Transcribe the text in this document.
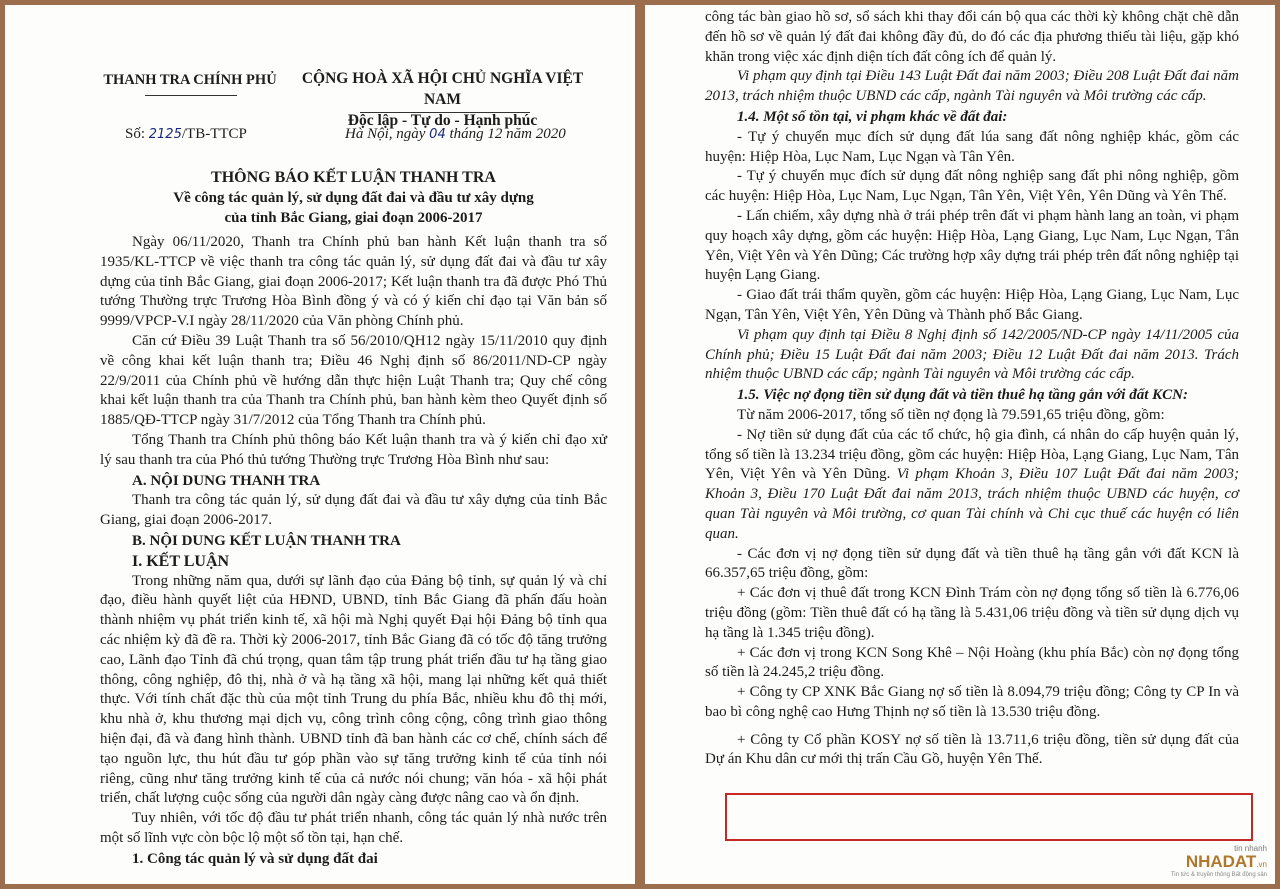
THANH TRA CHÍNH PHỦ CỘNG HOÀ XÃ HỘI CHỦ NGHĨA VIỆT NAM
Độc lập - Tự do - Hạnh phúc
Số: 2125/TB-TTCP	Hà Nội, ngày 04 tháng 12 năm 2020
THÔNG BÁO KẾT LUẬN THANH TRA
Về công tác quản lý, sử dụng đất đai và đầu tư xây dựng
của tỉnh Bắc Giang, giai đoạn 2006-2017

Ngày 06/11/2020, Thanh tra Chính phủ ban hành Kết luận thanh tra số 1935/KL-TTCP về việc thanh tra công tác quản lý, sử dụng đất đai và đầu tư xây dựng của tỉnh Bắc Giang, giai đoạn 2006-2017; Kết luận thanh tra đã được Phó Thủ tướng Thường trực Trương Hòa Bình đồng ý và có ý kiến chỉ đạo tại Văn bản số 9999/VPCP-V.I ngày 28/11/2020 của Văn phòng Chính phủ.

Căn cứ Điều 39 Luật Thanh tra số 56/2010/QH12 ngày 15/11/2010 quy định về công khai kết luận thanh tra; Điều 46 Nghị định số 86/2011/ND-CP ngày 22/9/2011 của Chính phủ về hướng dẫn thực hiện Luật Thanh tra; Quy chế công khai kết luận thanh tra của Thanh tra Chính phủ, ban hành kèm theo Quyết định số 1885/QĐ-TTCP ngày 31/7/2012 của Tổng Thanh tra Chính phủ.

Tổng Thanh tra Chính phủ thông báo Kết luận thanh tra và ý kiến chỉ đạo xử lý sau thanh tra của Phó thủ tướng Thường trực Trương Hòa Bình như sau:

A. NỘI DUNG THANH TRA

Thanh tra công tác quản lý, sử dụng đất đai và đầu tư xây dựng của tỉnh Bắc Giang, giai đoạn 2006-2017.

B. NỘI DUNG KẾT LUẬN THANH TRA
I. KẾT LUẬN

Trong những năm qua, dưới sự lãnh đạo của Đảng bộ tỉnh, sự quản lý và chỉ đạo, điều hành quyết liệt của HĐND, UBND, tỉnh Bắc Giang đã phấn đấu hoàn thành nhiệm vụ phát triển kinh tế, xã hội mà Nghị quyết Đại hội Đảng bộ tỉnh qua các nhiệm kỳ đã đề ra. Thời kỳ 2006-2017, tỉnh Bắc Giang đã có tốc độ tăng trưởng cao, Lãnh đạo Tỉnh đã chú trọng, quan tâm tập trung phát triển đầu tư hạ tầng giao thông, công nghiệp, đô thị, nhà ở và hạ tầng xã hội, mang lại những kết quả thiết thực. Với tính chất đặc thù của một tỉnh Trung du phía Bắc, nhiều khu đô thị mới, khu nhà ở, khu thương mại dịch vụ, công trình công cộng, công trình giao thông hiện đại, đã và đang hình thành. UBND tỉnh đã ban hành các cơ chế, chính sách để tạo nguồn lực, thu hút đầu tư góp phần vào sự tăng trưởng kinh tế của tỉnh nói riêng, cũng như tăng trưởng kinh tế của cả nước nói chung; văn hóa - xã hội phát triển, chất lượng cuộc sống của người dân ngày càng được nâng cao và ổn định.

Tuy nhiên, với tốc độ đầu tư phát triển nhanh, công tác quản lý nhà nước trên một số lĩnh vực còn bộc lộ một số tồn tại, hạn chế.

1. Công tác quản lý và sử dụng đất đai

công tác bàn giao hồ sơ, sổ sách khi thay đổi cán bộ qua các thời kỳ không chặt chẽ dẫn đến hồ sơ về quản lý đất đai không đầy đủ, do đó các địa phương thiếu tài liệu, gặp khó khăn trong việc xác định diện tích đất công ích để quản lý.

Vi phạm quy định tại Điều 143 Luật Đất đai năm 2003; Điều 208 Luật Đất đai năm 2013, trách nhiệm thuộc UBND các cấp, ngành Tài nguyên và Môi trường các cấp.

1.4. Một số tồn tại, vi phạm khác về đất đai:

- Tự ý chuyển mục đích sử dụng đất lúa sang đất nông nghiệp khác, gồm các huyện: Hiệp Hòa, Lục Nam, Lục Ngạn và Tân Yên.

- Tự ý chuyển mục đích sử dụng đất nông nghiệp sang đất phi nông nghiệp, gồm các huyện: Hiệp Hòa, Lục Nam, Lục Ngạn, Tân Yên, Việt Yên, Yên Dũng và Yên Thế.

- Lấn chiếm, xây dựng nhà ở trái phép trên đất vi phạm hành lang an toàn, vi phạm quy hoạch xây dựng, gồm các huyện: Hiệp Hòa, Lạng Giang, Lục Nam, Lục Ngạn, Tân Yên, Việt Yên và Yên Dũng; Các trường hợp xây dựng trái phép trên đất nông nghiệp tại huyện Lạng Giang.

- Giao đất trái thẩm quyền, gồm các huyện: Hiệp Hòa, Lạng Giang, Lục Nam, Lục Ngạn, Tân Yên, Việt Yên, Yên Dũng và Thành phố Bắc Giang.

Vi phạm quy định tại Điều 8 Nghị định số 142/2005/ND-CP ngày 14/11/2005 của Chính phủ; Điều 15 Luật Đất đai năm 2003; Điều 12 Luật Đất đai năm 2013. Trách nhiệm thuộc UBND các cấp; ngành Tài nguyên và Môi trường các cấp.

1.5. Việc nợ đọng tiền sử dụng đất và tiền thuê hạ tầng gắn với đất KCN:

Từ năm 2006-2017, tổng số tiền nợ đọng là 79.591,65 triệu đồng, gồm:

- Nợ tiền sử dụng đất của các tổ chức, hộ gia đình, cá nhân do cấp huyện quản lý, tổng số tiền là 13.234 triệu đồng, gồm các huyện: Hiệp Hòa, Lạng Giang, Lục Nam, Tân Yên, Việt Yên và Yên Dũng. Vi phạm Khoản 3, Điều 107 Luật Đất đai năm 2003; Khoản 3, Điều 170 Luật Đất đai năm 2013, trách nhiệm thuộc UBND các huyện, cơ quan Tài nguyên và Môi trường, cơ quan Tài chính và Chi cục thuế các huyện có liên quan.

- Các đơn vị nợ đọng tiền sử dụng đất và tiền thuê hạ tầng gắn với đất KCN là 66.357,65 triệu đồng, gồm:

+ Các đơn vị thuê đất trong KCN Đình Trám còn nợ đọng tổng số tiền là 6.776,06 triệu đồng (gồm: Tiền thuê đất có hạ tầng là 5.431,06 triệu đồng và tiền sử dụng dịch vụ hạ tầng là 1.345 triệu đồng).

+ Các đơn vị trong KCN Song Khê – Nội Hoàng (khu phía Bắc) còn nợ đọng tổng số tiền là 24.245,2 triệu đồng.

+ Công ty CP XNK Bắc Giang nợ số tiền là 8.094,79 triệu đồng; Công ty CP In và bao bì công nghệ cao Hưng Thịnh nợ số tiền là 13.530 triệu đồng.

+ Công ty Cổ phần KOSY nợ số tiền là 13.711,6 triệu đồng, tiền sử dụng đất của Dự án Khu dân cư mới thị trấn Cầu Gồ, huyện Yên Thế.

tin nhanh
NHADAT.vn
Tin tức & truyền thông Bất động sản
